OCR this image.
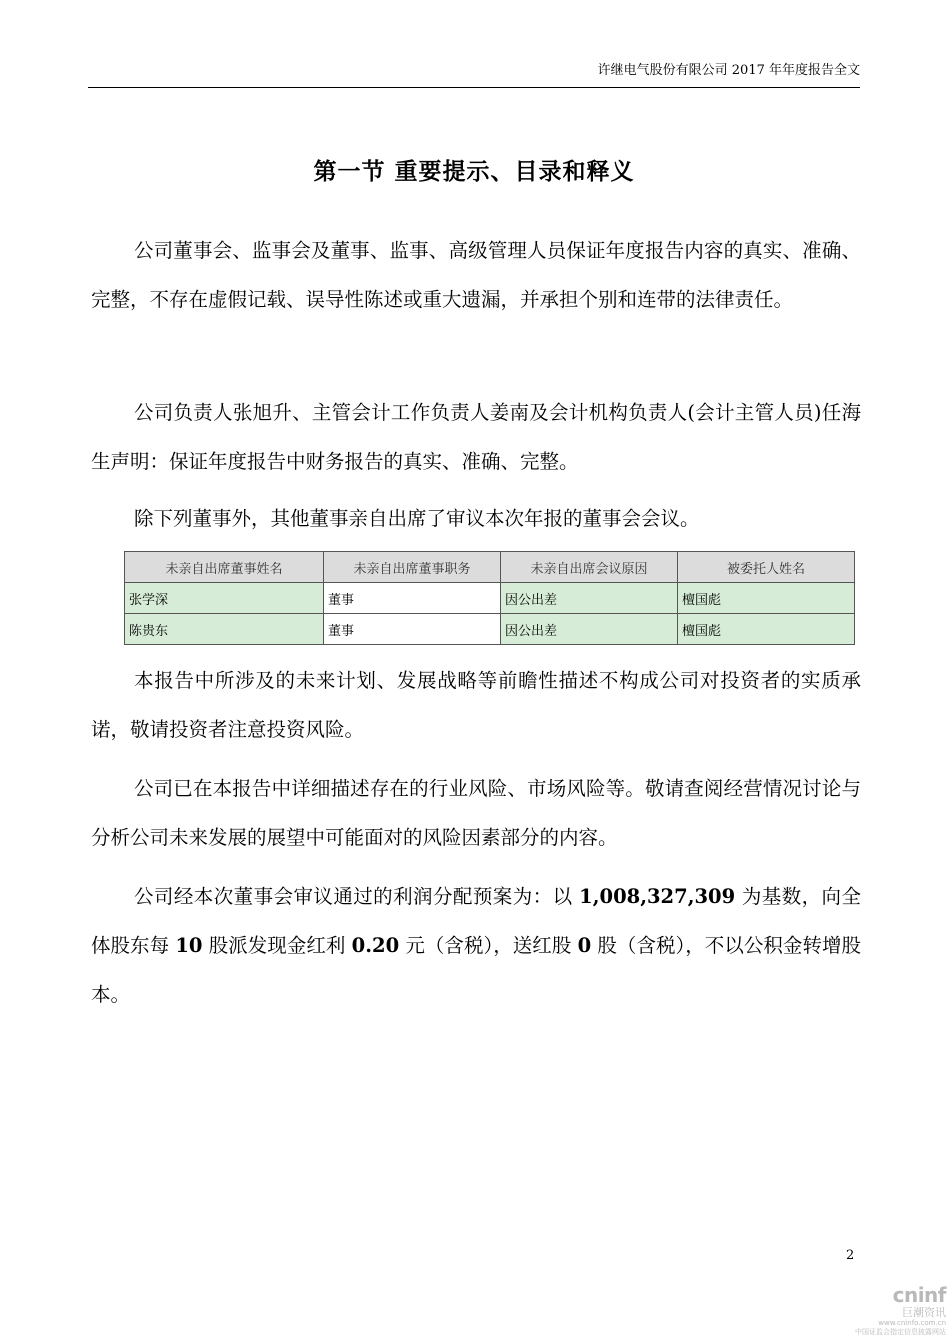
许继电气股份有限公司 2017 年年度报告全文
第一节 重要提示、目录和释义

公司董事会、监事会及董事、监事、高级管理人员保证年度报告内容的真实、准确、完整，不存在虚假记载、误导性陈述或重大遗漏，并承担个别和连带的法律责任。

公司负责人张旭升、主管会计工作负责人姜南及会计机构负责人(会计主管人员)任海生声明：保证年度报告中财务报告的真实、准确、完整。

除下列董事外，其他董事亲自出席了审议本次年报的董事会会议。

未亲自出席董事姓名	未亲自出席董事职务	未亲自出席会议原因	被委托人姓名
张学深	董事	因公出差	檀国彪
陈贵东	董事	因公出差	檀国彪

本报告中所涉及的未来计划、发展战略等前瞻性描述不构成公司对投资者的实质承诺，敬请投资者注意投资风险。

公司已在本报告中详细描述存在的行业风险、市场风险等。敬请查阅经营情况讨论与分析公司未来发展的展望中可能面对的风险因素部分的内容。

公司经本次董事会审议通过的利润分配预案为：以 1,008,327,309 为基数，向全体股东每 10 股派发现金红利 0.20 元（含税），送红股 0 股（含税），不以公积金转增股本。

2
cninf
巨潮资讯
www.cninfo.com.cn
中国证监会指定信息披露网站
